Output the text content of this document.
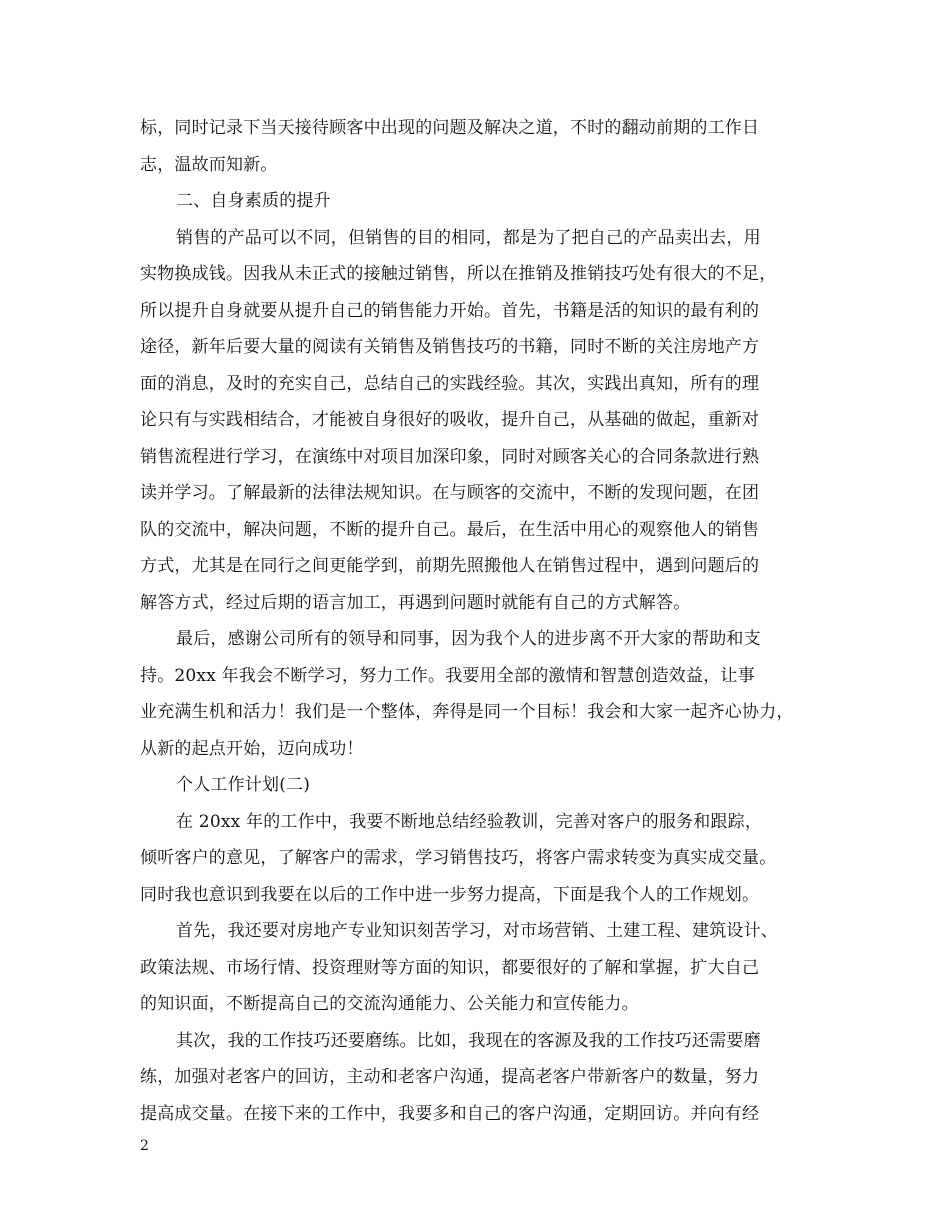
标，同时记录下当天接待顾客中出现的问题及解决之道，不时的翻动前期的工作日
志，温故而知新。
二、自身素质的提升
销售的产品可以不同，但销售的目的相同，都是为了把自己的产品卖出去，用
实物换成钱。因我从未正式的接触过销售，所以在推销及推销技巧处有很大的不足，
所以提升自身就要从提升自己的销售能力开始。首先，书籍是活的知识的最有利的
途径，新年后要大量的阅读有关销售及销售技巧的书籍，同时不断的关注房地产方
面的消息，及时的充实自己，总结自己的实践经验。其次，实践出真知，所有的理
论只有与实践相结合，才能被自身很好的吸收，提升自己，从基础的做起，重新对
销售流程进行学习，在演练中对项目加深印象，同时对顾客关心的合同条款进行熟
读并学习。了解最新的法律法规知识。在与顾客的交流中，不断的发现问题，在团
队的交流中，解决问题，不断的提升自己。最后，在生活中用心的观察他人的销售
方式，尤其是在同行之间更能学到，前期先照搬他人在销售过程中，遇到问题后的
解答方式，经过后期的语言加工，再遇到问题时就能有自己的方式解答。
最后，感谢公司所有的领导和同事，因为我个人的进步离不开大家的帮助和支
持。20xx 年我会不断学习，努力工作。我要用全部的激情和智慧创造效益，让事
业充满生机和活力！我们是一个整体，奔得是同一个目标！我会和大家一起齐心协力，
从新的起点开始，迈向成功！
个人工作计划(二)
在 20xx 年的工作中，我要不断地总结经验教训，完善对客户的服务和跟踪，
倾听客户的意见，了解客户的需求，学习销售技巧，将客户需求转变为真实成交量。
同时我也意识到我要在以后的工作中进一步努力提高，下面是我个人的工作规划。
首先，我还要对房地产专业知识刻苦学习，对市场营销、土建工程、建筑设计、
政策法规、市场行情、投资理财等方面的知识，都要很好的了解和掌握，扩大自己
的知识面，不断提高自己的交流沟通能力、公关能力和宣传能力。
其次，我的工作技巧还要磨练。比如，我现在的客源及我的工作技巧还需要磨
练，加强对老客户的回访，主动和老客户沟通，提高老客户带新客户的数量，努力
提高成交量。在接下来的工作中，我要多和自己的客户沟通，定期回访。并向有经
2
